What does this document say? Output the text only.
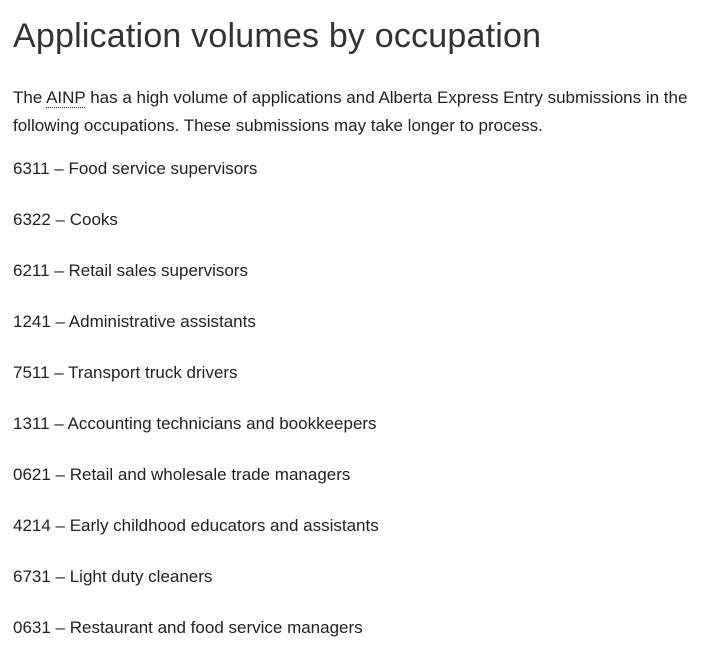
Application volumes by occupation

The AINP has a high volume of applications and Alberta Express Entry submissions in the following occupations. These submissions may take longer to process.

6311 – Food service supervisors
6322 – Cooks
6211 – Retail sales supervisors
1241 – Administrative assistants
7511 – Transport truck drivers
1311 – Accounting technicians and bookkeepers
0621 – Retail and wholesale trade managers
4214 – Early childhood educators and assistants
6731 – Light duty cleaners
0631 – Restaurant and food service managers
